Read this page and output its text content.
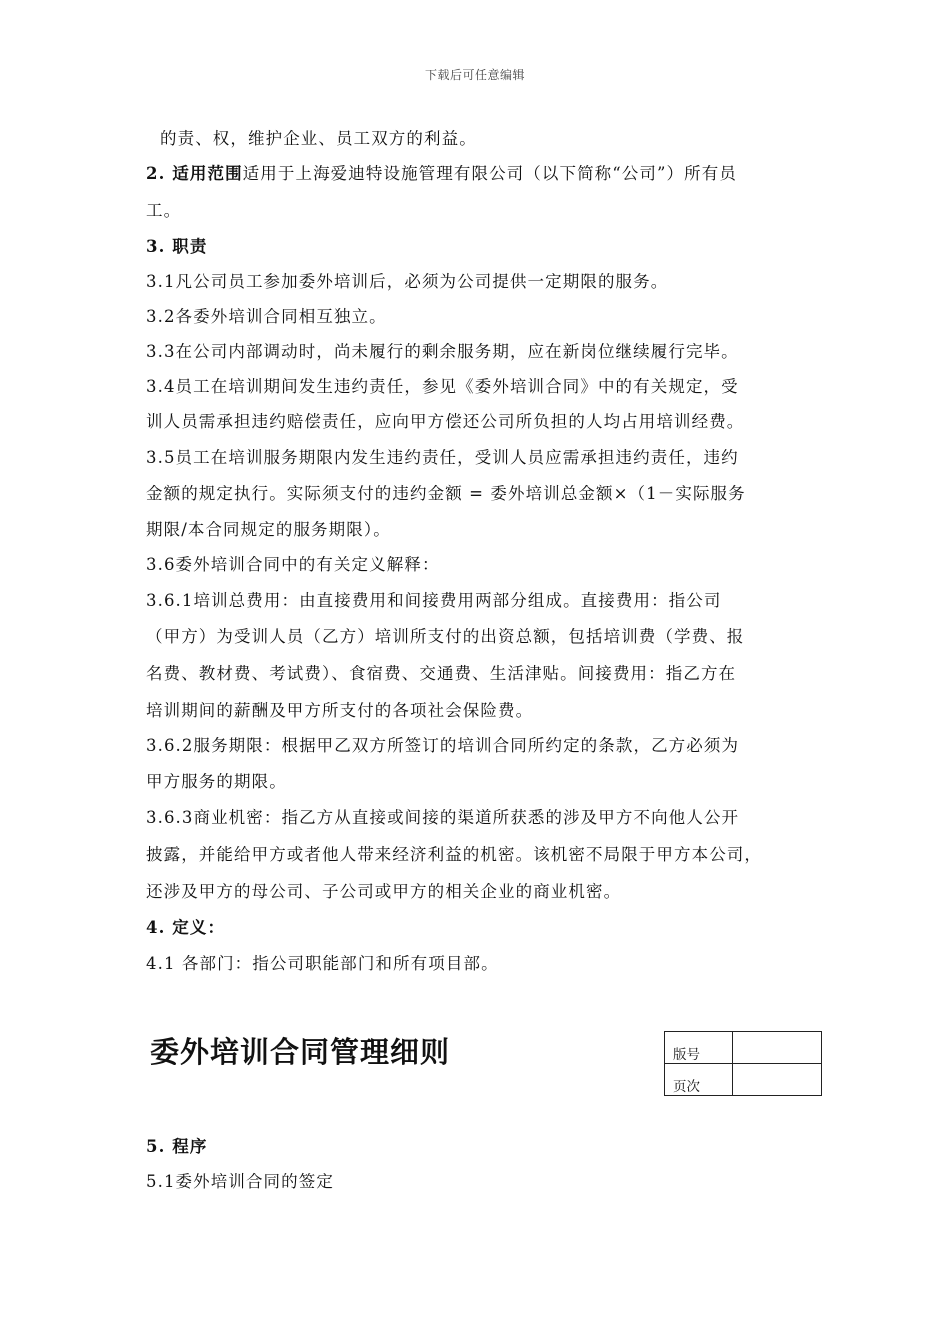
下载后可任意编辑
的责、权，维护企业、员工双方的利益。
2. 适用范围适用于上海爱迪特设施管理有限公司（以下简称“公司”）所有员
工。
3. 职责
3.1凡公司员工参加委外培训后，必须为公司提供一定期限的服务。
3.2各委外培训合同相互独立。
3.3在公司内部调动时，尚未履行的剩余服务期，应在新岗位继续履行完毕。
3.4员工在培训期间发生违约责任，参见《委外培训合同》中的有关规定，受
训人员需承担违约赔偿责任，应向甲方偿还公司所负担的人均占用培训经费。
3.5员工在培训服务期限内发生违约责任，受训人员应需承担违约责任，违约
金额的规定执行。实际须支付的违约金额 = 委外培训总金额×（1－实际服务
期限/本合同规定的服务期限）。
3.6委外培训合同中的有关定义解释：
3.6.1培训总费用：由直接费用和间接费用两部分组成。直接费用：指公司
（甲方）为受训人员（乙方）培训所支付的出资总额，包括培训费（学费、报
名费、教材费、考试费）、食宿费、交通费、生活津贴。间接费用：指乙方在
培训期间的薪酬及甲方所支付的各项社会保险费。
3.6.2服务期限：根据甲乙双方所签订的培训合同所约定的条款，乙方必须为
甲方服务的期限。
3.6.3商业机密：指乙方从直接或间接的渠道所获悉的涉及甲方不向他人公开
披露，并能给甲方或者他人带来经济利益的机密。该机密不局限于甲方本公司，
还涉及甲方的母公司、子公司或甲方的相关企业的商业机密。
4. 定义：
4.1 各部门：指公司职能部门和所有项目部。
委外培训合同管理细则	版号	
页次	
5. 程序
5.1委外培训合同的签定
